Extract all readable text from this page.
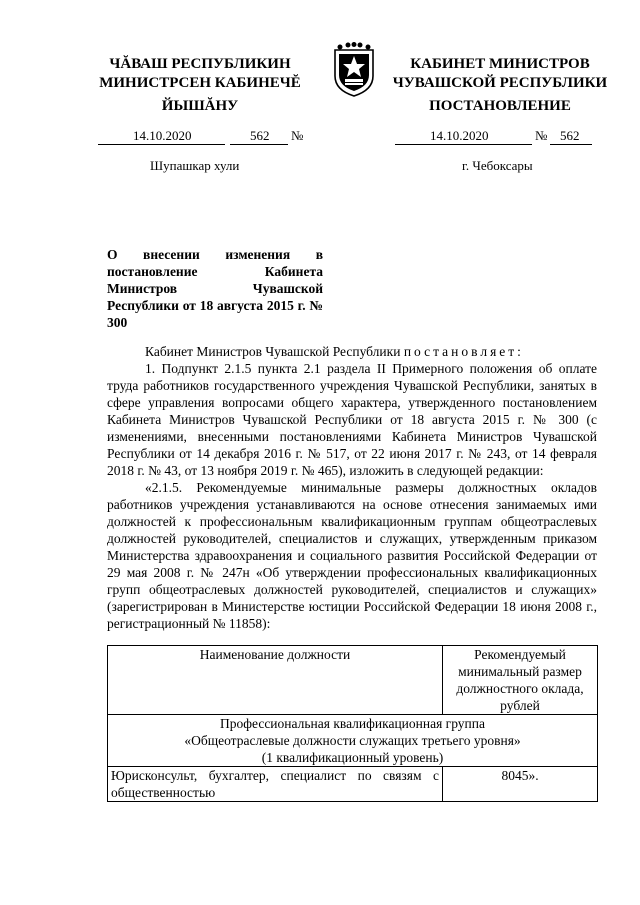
ЧĂВАШ РЕСПУБЛИКИН
МИНИСТРСЕН КАБИНЕЧĔ
ЙЫШĂНУ
КАБИНЕТ МИНИСТРОВ
ЧУВАШСКОЙ РЕСПУБЛИКИ
ПОСТАНОВЛЕНИЕ
14.10.2020	562 №	14.10.2020	№ 562
Шупашкар хули	г. Чебоксары
О внесении изменения в постановление Кабинета Министров Чувашской Республики от 18 августа 2015 г. № 300

Кабинет Министров Чувашской Республики постановляет:

1. Подпункт 2.1.5 пункта 2.1 раздела II Примерного положения об оплате труда работников государственного учреждения Чувашской Республики, занятых в сфере управления вопросами общего характера, утвержденного постановлением Кабинета Министров Чувашской Республики от 18 августа 2015 г. № 300 (с изменениями, внесенными постановлениями Кабинета Министров Чувашской Республики от 14 декабря 2016 г. № 517, от 22 июня 2017 г. № 243, от 14 февраля 2018 г. № 43, от 13 ноября 2019 г. № 465), изложить в следующей редакции:

«2.1.5. Рекомендуемые минимальные размеры должностных окладов работников учреждения устанавливаются на основе отнесения занимаемых ими должностей к профессиональным квалификационным группам общеотраслевых должностей руководителей, специалистов и служащих, утвержденным приказом Министерства здравоохранения и социального развития Российской Федерации от 29 мая 2008 г. № 247н «Об утверждении профессиональных квалификационных групп общеотраслевых должностей руководителей, специалистов и служащих» (зарегистрирован в Министерстве юстиции Российской Федерации 18 июня 2008 г., регистрационный № 11858):

Наименование должности	Рекомендуемый минимальный размер должностного оклада, рублей

Профессиональная квалификационная группа
«Общеотраслевые должности служащих третьего уровня»
(1 квалификационный уровень)	

Юрисконсульт, бухгалтер, специалист по связям с общественностью	8045».
